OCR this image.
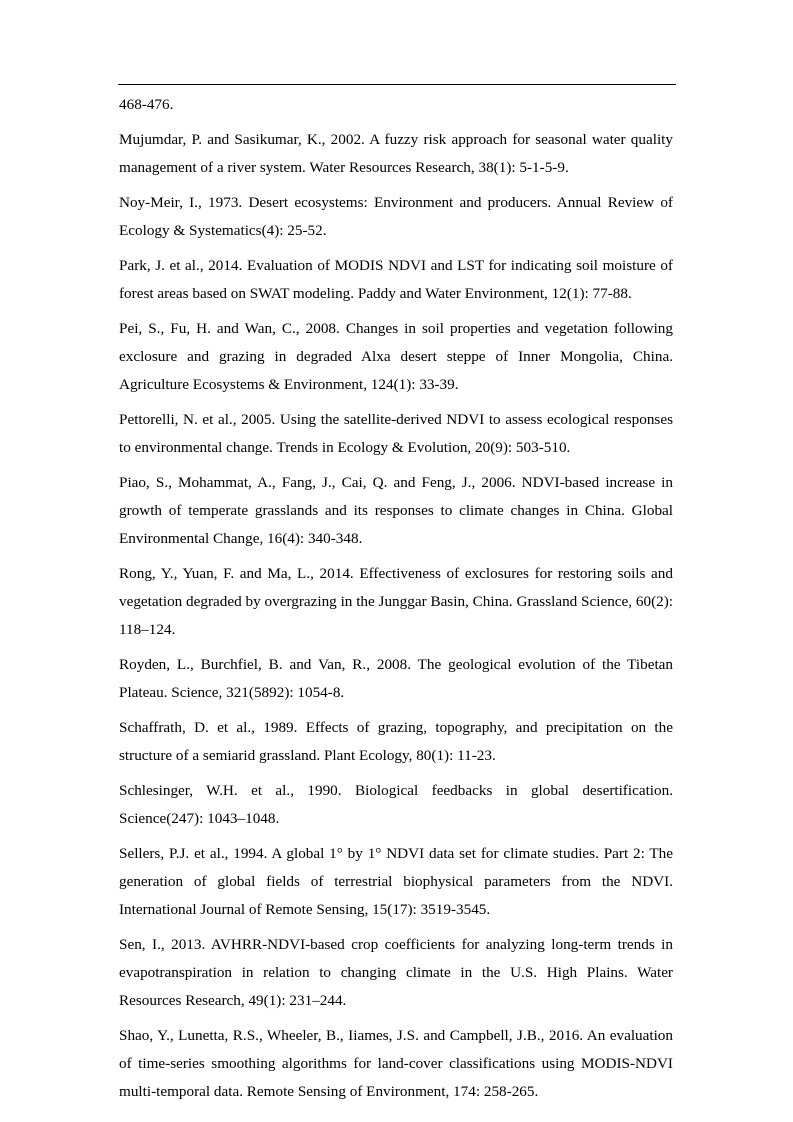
468-476.

Mujumdar, P. and Sasikumar, K., 2002. A fuzzy risk approach for seasonal water quality management of a river system. Water Resources Research, 38(1): 5-1-5-9.

Noy-Meir, I., 1973. Desert ecosystems: Environment and producers. Annual Review of Ecology & Systematics(4): 25-52.

Park, J. et al., 2014. Evaluation of MODIS NDVI and LST for indicating soil moisture of forest areas based on SWAT modeling. Paddy and Water Environment, 12(1): 77-88.

Pei, S., Fu, H. and Wan, C., 2008. Changes in soil properties and vegetation following exclosure and grazing in degraded Alxa desert steppe of Inner Mongolia, China. Agriculture Ecosystems & Environment, 124(1): 33-39.

Pettorelli, N. et al., 2005. Using the satellite-derived NDVI to assess ecological responses to environmental change. Trends in Ecology & Evolution, 20(9): 503-510.

Piao, S., Mohammat, A., Fang, J., Cai, Q. and Feng, J., 2006. NDVI-based increase in growth of temperate grasslands and its responses to climate changes in China. Global Environmental Change, 16(4): 340-348.

Rong, Y., Yuan, F. and Ma, L., 2014. Effectiveness of exclosures for restoring soils and vegetation degraded by overgrazing in the Junggar Basin, China. Grassland Science, 60(2): 118–124.

Royden, L., Burchfiel, B. and Van, R., 2008. The geological evolution of the Tibetan Plateau. Science, 321(5892): 1054-8.

Schaffrath, D. et al., 1989. Effects of grazing, topography, and precipitation on the structure of a semiarid grassland. Plant Ecology, 80(1): 11-23.

Schlesinger, W.H. et al., 1990. Biological feedbacks in global desertification. Science(247): 1043–1048.

Sellers, P.J. et al., 1994. A global 1° by 1° NDVI data set for climate studies. Part 2: The generation of global fields of terrestrial biophysical parameters from the NDVI. International Journal of Remote Sensing, 15(17): 3519-3545.

Sen, I., 2013. AVHRR-NDVI-based crop coefficients for analyzing long-term trends in evapotranspiration in relation to changing climate in the U.S. High Plains. Water Resources Research, 49(1): 231–244.

Shao, Y., Lunetta, R.S., Wheeler, B., Iiames, J.S. and Campbell, J.B., 2016. An evaluation of time-series smoothing algorithms for land-cover classifications using MODIS-NDVI multi-temporal data. Remote Sensing of Environment, 174: 258-265.
